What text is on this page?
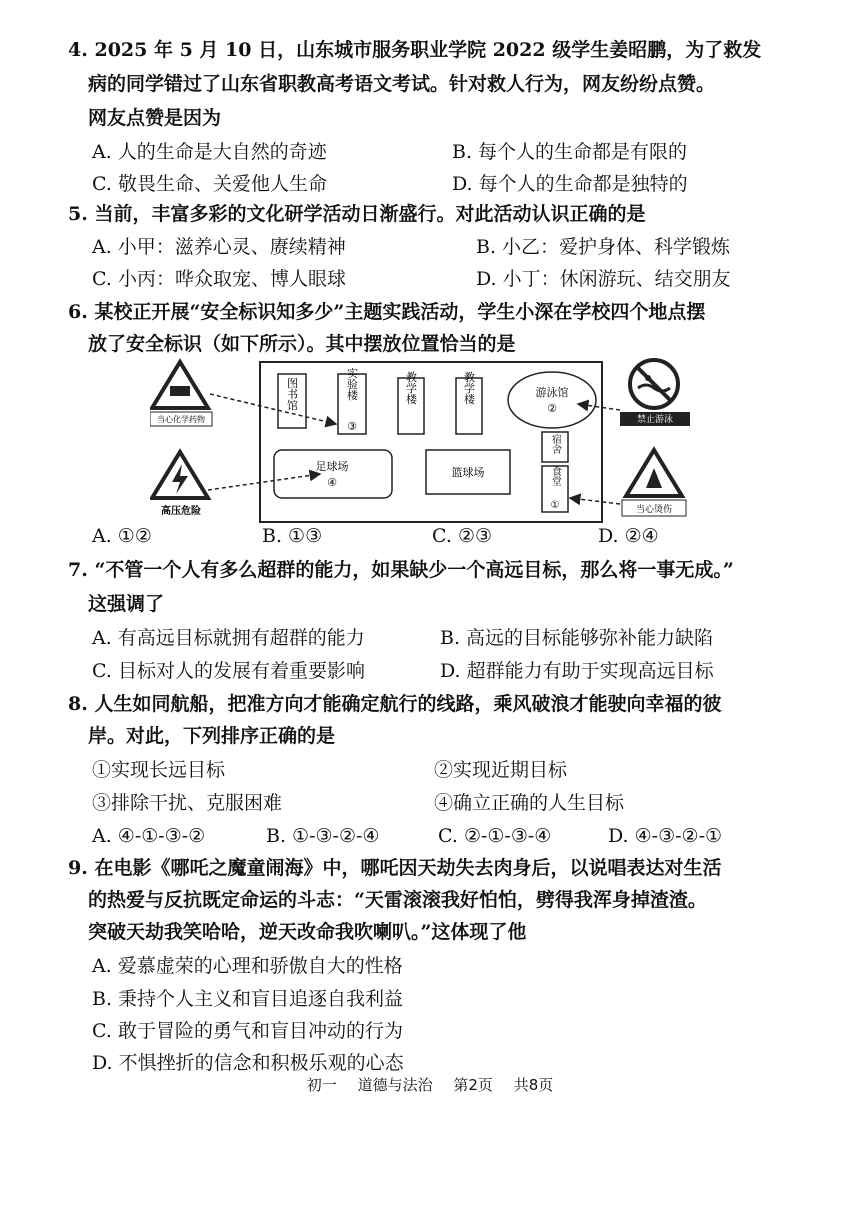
4. 2025 年 5 月 10 日，山东城市服务职业学院 2022 级学生姜昭鹏，为了救发
病的同学错过了山东省职教高考语文考试。针对救人行为，网友纷纷点赞。
网友点赞是因为
A. 人的生命是大自然的奇迹	B. 每个人的生命都是有限的
C. 敬畏生命、关爱他人生命	D. 每个人的生命都是独特的
5. 当前，丰富多彩的文化研学活动日渐盛行。对此活动认识正确的是
A. 小甲：滋养心灵、赓续精神	B. 小乙：爱护身体、科学锻炼
C. 小丙：哗众取宠、博人眼球	D. 小丁：休闲游玩、结交朋友
6. 某校正开展“安全标识知多少”主题实践活动，学生小深在学校四个地点摆
放了安全标识（如下所示）。其中摆放位置恰当的是
图书馆	实验楼
③
教学楼	教学楼	游泳馆
②
宿舍
食堂
①
足球场
④
篮球场
当心化学药物
高压危险
禁止游泳
当心烫伤
A. ①②	B. ①③	C. ②③	D. ②④
7. “不管一个人有多么超群的能力，如果缺少一个高远目标，那么将一事无成。”
这强调了
A. 有高远目标就拥有超群的能力	B. 高远的目标能够弥补能力缺陷
C. 目标对人的发展有着重要影响	D. 超群能力有助于实现高远目标
8. 人生如同航船，把准方向才能确定航行的线路，乘风破浪才能驶向幸福的彼
岸。对此，下列排序正确的是
①实现长远目标	②实现近期目标
③排除干扰、克服困难	④确立正确的人生目标
A. ④-①-③-②	B. ①-③-②-④	C. ②-①-③-④	D. ④-③-②-①
9. 在电影《哪吒之魔童闹海》中，哪吒因天劫失去肉身后，以说唱表达对生活
的热爱与反抗既定命运的斗志：“天雷滚滚我好怕怕，劈得我浑身掉渣渣。
突破天劫我笑哈哈，逆天改命我吹喇叭。”这体现了他
A. 爱慕虚荣的心理和骄傲自大的性格
B. 秉持个人主义和盲目追逐自我利益
C. 敢于冒险的勇气和盲目冲动的行为
D. 不惧挫折的信念和积极乐观的心态
初一 道德与法治 第2页 共8页
